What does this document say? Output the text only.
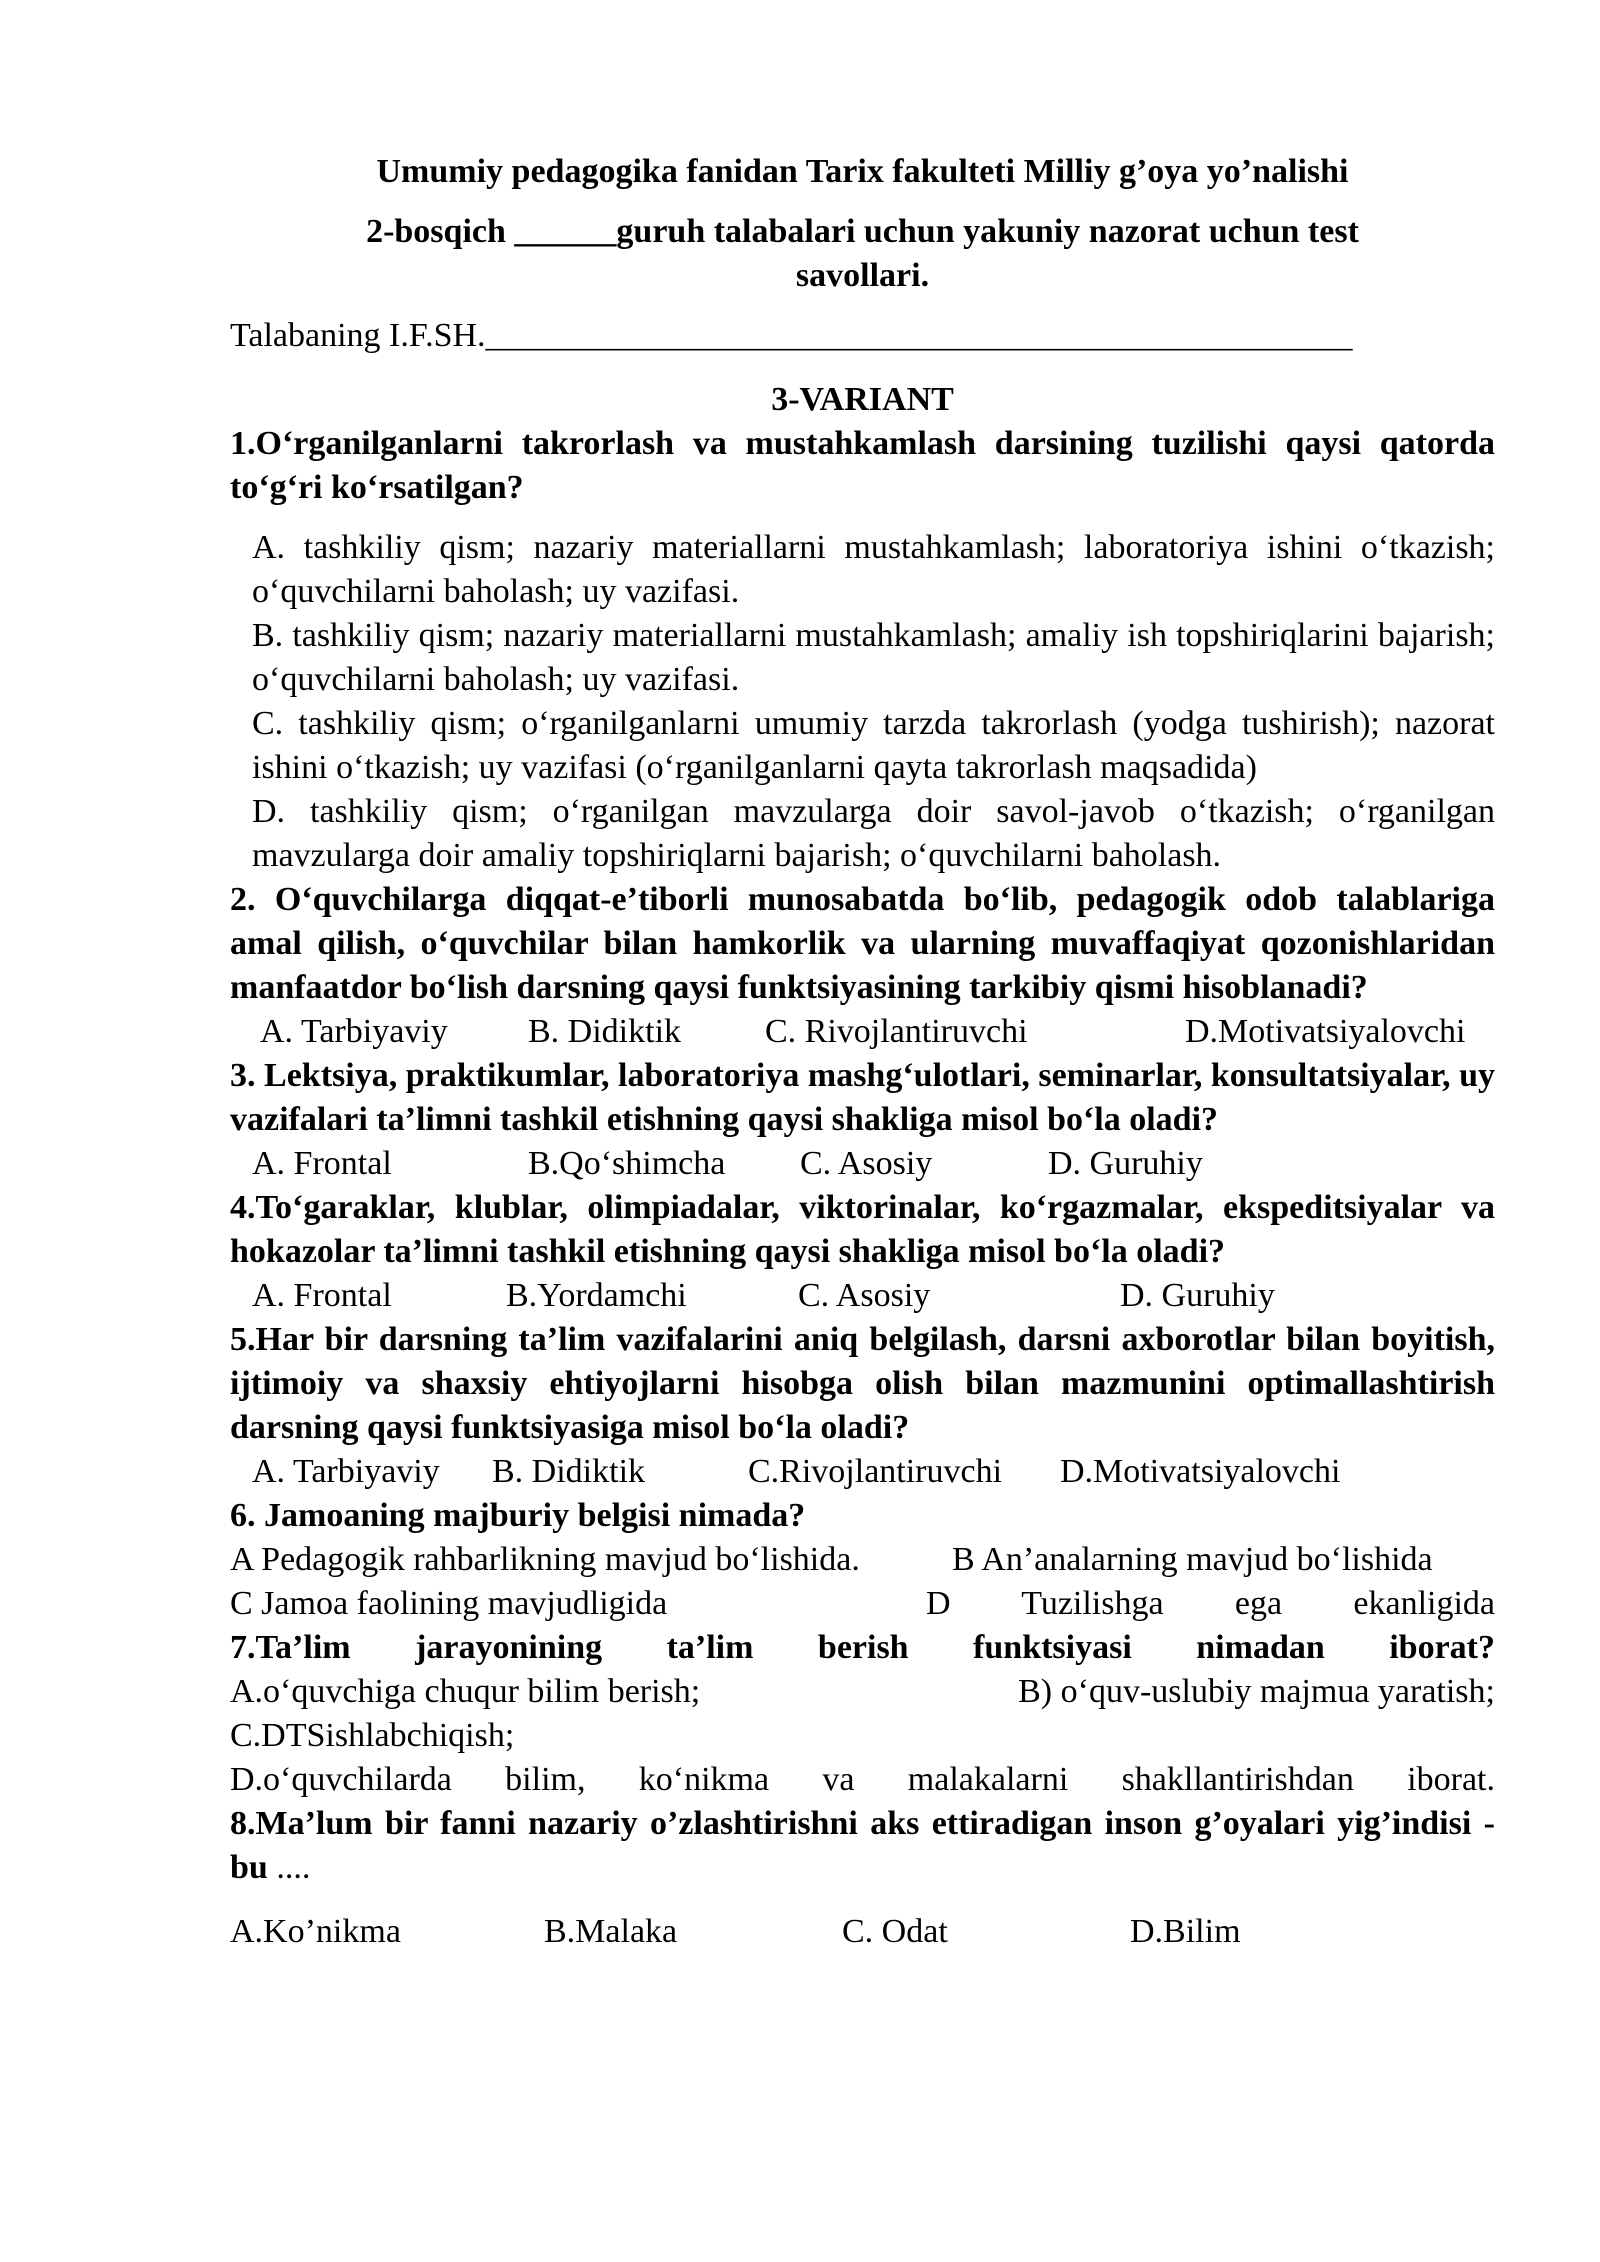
Umumiy pedagogika fanidan Tarix fakulteti Milliy g’oya yo’nalishi

2-bosqich ______guruh talabalari uchun yakuniy nazorat uchun test

savollari.

Talabaning I.F.SH.___________________________________________________

3-VARIANT

1.O‘rganilganlarni takrorlash va mustahkamlash darsining tuzilishi qaysi qatorda to‘g‘ri ko‘rsatilgan?

A. tashkiliy qism; nazariy materiallarni mustahkamlash; laboratoriya ishini o‘tkazish; o‘quvchilarni baholash; uy vazifasi.

B. tashkiliy qism; nazariy materiallarni mustahkamlash; amaliy ish topshiriqlarini bajarish; o‘quvchilarni baholash; uy vazifasi.

C. tashkiliy qism; o‘rganilganlarni umumiy tarzda takrorlash (yodga tushirish); nazorat ishini o‘tkazish; uy vazifasi (o‘rganilganlarni qayta takrorlash maqsadida)

D. tashkiliy qism; o‘rganilgan mavzularga doir savol-javob o‘tkazish; o‘rganilgan mavzularga doir amaliy topshiriqlarni bajarish; o‘quvchilarni baholash.

2. O‘quvchilarga diqqat-e’tiborli munosabatda bo‘lib, pedagogik odob talablariga amal qilish, o‘quvchilar bilan hamkorlik va ularning muvaffaqiyat qozonishlaridan manfaatdor bo‘lish darsning qaysi funktsiyasining tarkibiy qismi hisoblanadi?

A. Tarbiyaviy	B. Didiktik	C. Rivojlantiruvchi	D.Motivatsiyalovchi

3. Lektsiya, praktikumlar, laboratoriya mashg‘ulotlari, seminarlar, konsultatsiyalar, uy vazifalari ta’limni tashkil etishning qaysi shakliga misol bo‘la oladi?

A. Frontal	B.Qo‘shimcha	C. Asosiy	D. Guruhiy

4.To‘garaklar, klublar, olimpiadalar, viktorinalar, ko‘rgazmalar, ekspeditsiyalar va hokazolar ta’limni tashkil etishning qaysi shakliga misol bo‘la oladi?

A. Frontal	B.Yordamchi	C. Asosiy	D. Guruhiy

5.Har bir darsning ta’lim vazifalarini aniq belgilash, darsni axborotlar bilan boyitish, ijtimoiy va shaxsiy ehtiyojlarni hisobga olish bilan mazmunini optimallashtirish darsning qaysi funktsiyasiga misol bo‘la oladi?

A. Tarbiyaviy	B. Didiktik	C.Rivojlantiruvchi	D.Motivatsiyalovchi

6. Jamoaning majburiy belgisi nimada?

A Pedagogik rahbarlikning mavjud bo‘lishida.	B An’analarning mavjud bo‘lishida
C Jamoa faolining mavjudligida	D Tuzilishga ega ekanligida

7.Ta’lim jarayonining ta’lim berish funktsiyasi nimadan iborat?

A.o‘quvchiga chuqur bilim berish;	B) o‘quv-uslubiy majmua yaratish;

C.DTSishlabchiqish;

D.o‘quvchilarda bilim, ko‘nikma va malakalarni shakllantirishdan iborat.

8.Ma’lum bir fanni nazariy o’zlashtirishni aks ettiradigan inson g’oyalari yig’indisi - bu ....

A.Ko’nikma	B.Malaka	C. Odat	D.Bilim
